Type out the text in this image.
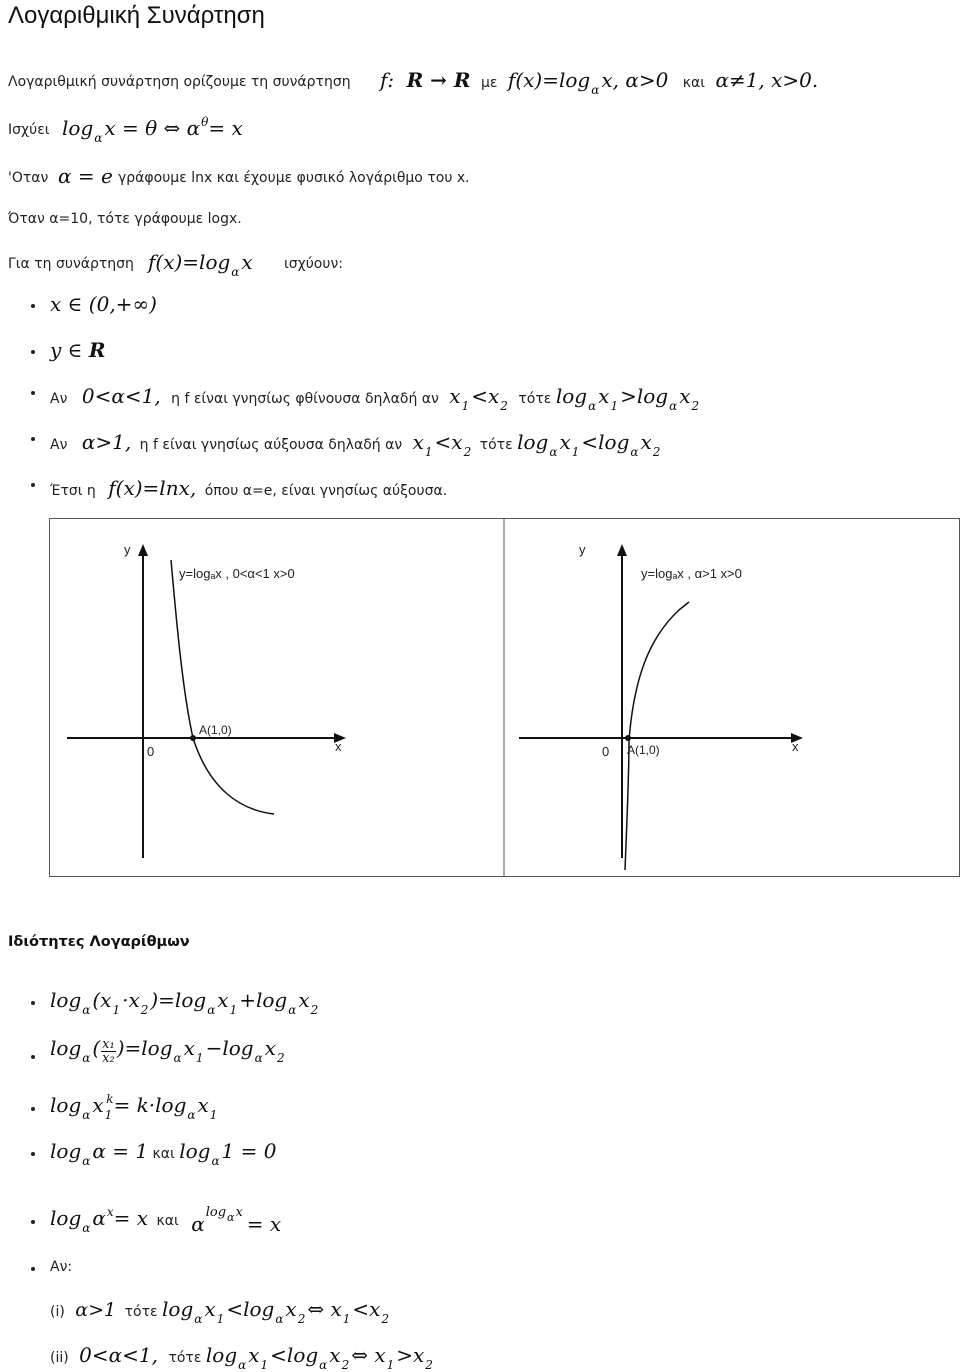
Λογαριθμική Συνάρτηση
Λογαριθμική συνάρτηση ορίζουμε τη συνάρτηση f: R → R με f(x)=logα x, α>0 και α≠1, x>0.
Ισχύει logα x = θ ⇔ αθ= x
'Οταν α = e γράφουμε lnx και έχουμε φυσικό λογάριθμο του x.
Όταν α=10, τότε γράφουμε logx.
Για τη συνάρτηση f(x)=logα x ισχύουν:
x ∈ (0,+∞)
y ∈ R
Αν 0<α<1, η f είναι γνησίως φθίνουσα δηλαδή αν x1 <x2 τότε logα x1 >logα x2
Αν α>1, η f είναι γνησίως αύξουσα δηλαδή αν x1 <x2 τότε logα x1 <logα x2
Έτσι η f(x)=lnx, όπου α=e, είναι γνησίως αύξουσα.
y
x
0
A(1,0)
y=logₐx , 0<α<1 x>0
y
x
0 A(1,0)
y=logₐx , α>1 x>0
Ιδιότητες Λογαρίθμων
logα (x1 ·x2 )=logα x1 +logα x2
logα ( $\frac{\text{x₁}}{\text{x₂}} )=\log\alpha$ x1 −logα x2
logα x1k= k·logα x1
logα α = 1 και logα 1 = 0
logα αx= x και αlog$^\alpha$x = x
Αν:
(i) α>1 τότε logα x1 <logα x2 ⇔ x1 <x2
(ii) 0<α<1, τότε logα x1 <logα x2 ⇔ x1 >x2
